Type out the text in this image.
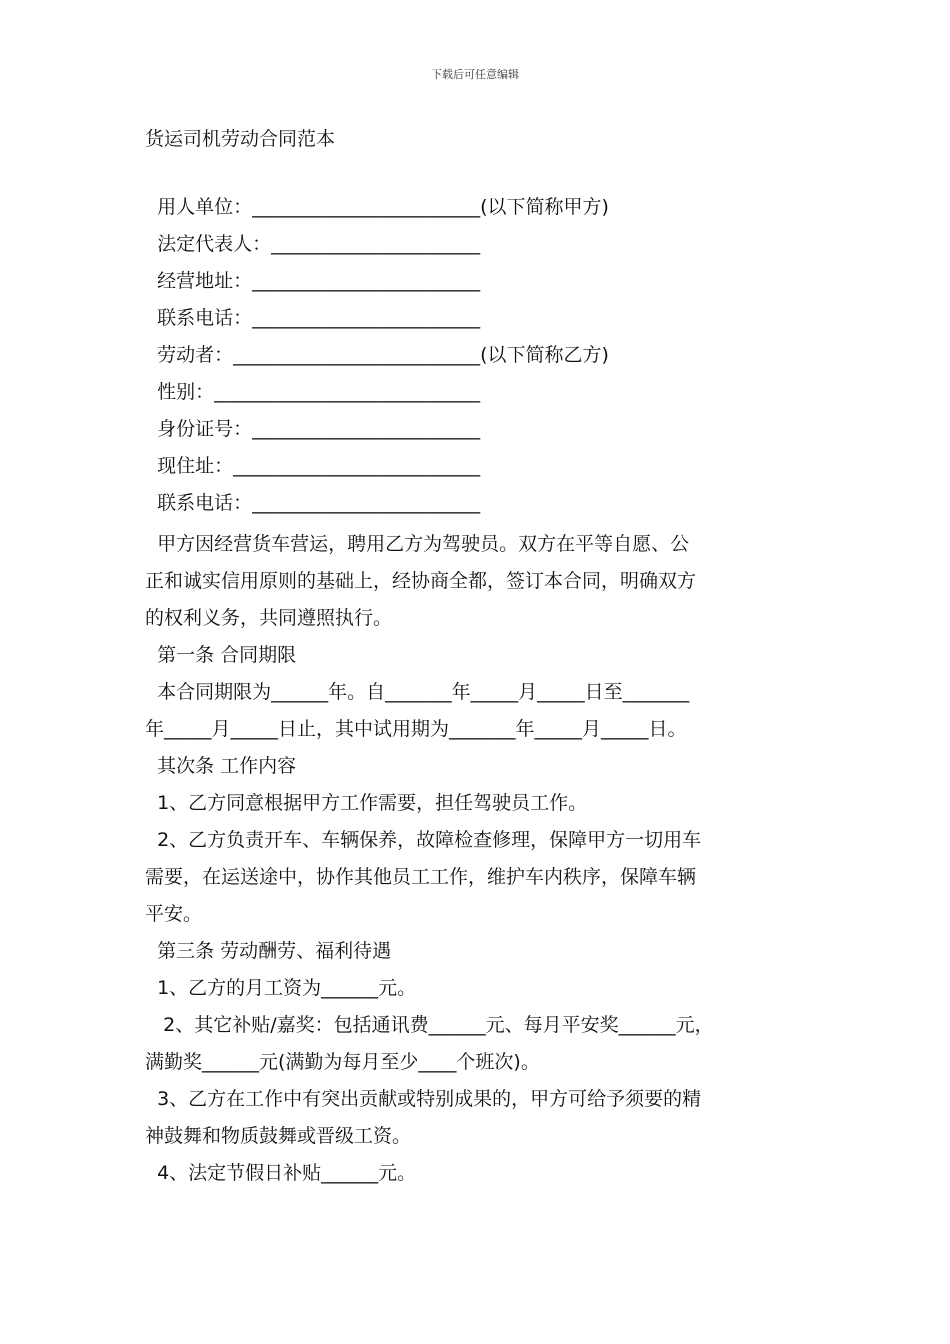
下载后可任意编辑
货运司机劳动合同范本
用人单位：________________________(以下简称甲方)
法定代表人：______________________
经营地址：________________________
联系电话：________________________
劳动者：__________________________(以下简称乙方)
性别：____________________________
身份证号：________________________
现住址：__________________________
联系电话：________________________
甲方因经营货车营运，聘用乙方为驾驶员。双方在平等自愿、公
正和诚实信用原则的基础上，经协商全都，签订本合同，明确双方
的权利义务，共同遵照执行。
第一条 合同期限
本合同期限为______年。自_______年_____月_____日至_______
年_____月_____日止，其中试用期为_______年_____月_____日。
其次条 工作内容
1、乙方同意根据甲方工作需要，担任驾驶员工作。
2、乙方负责开车、车辆保养，故障检查修理，保障甲方一切用车
需要，在运送途中，协作其他员工工作，维护车内秩序，保障车辆
平安。
第三条 劳动酬劳、福利待遇
1、乙方的月工资为______元。
2、其它补贴/嘉奖：包括通讯费______元、每月平安奖______元，
满勤奖______元(满勤为每月至少____个班次)。
3、乙方在工作中有突出贡献或特别成果的，甲方可给予须要的精
神鼓舞和物质鼓舞或晋级工资。
4、法定节假日补贴______元。
